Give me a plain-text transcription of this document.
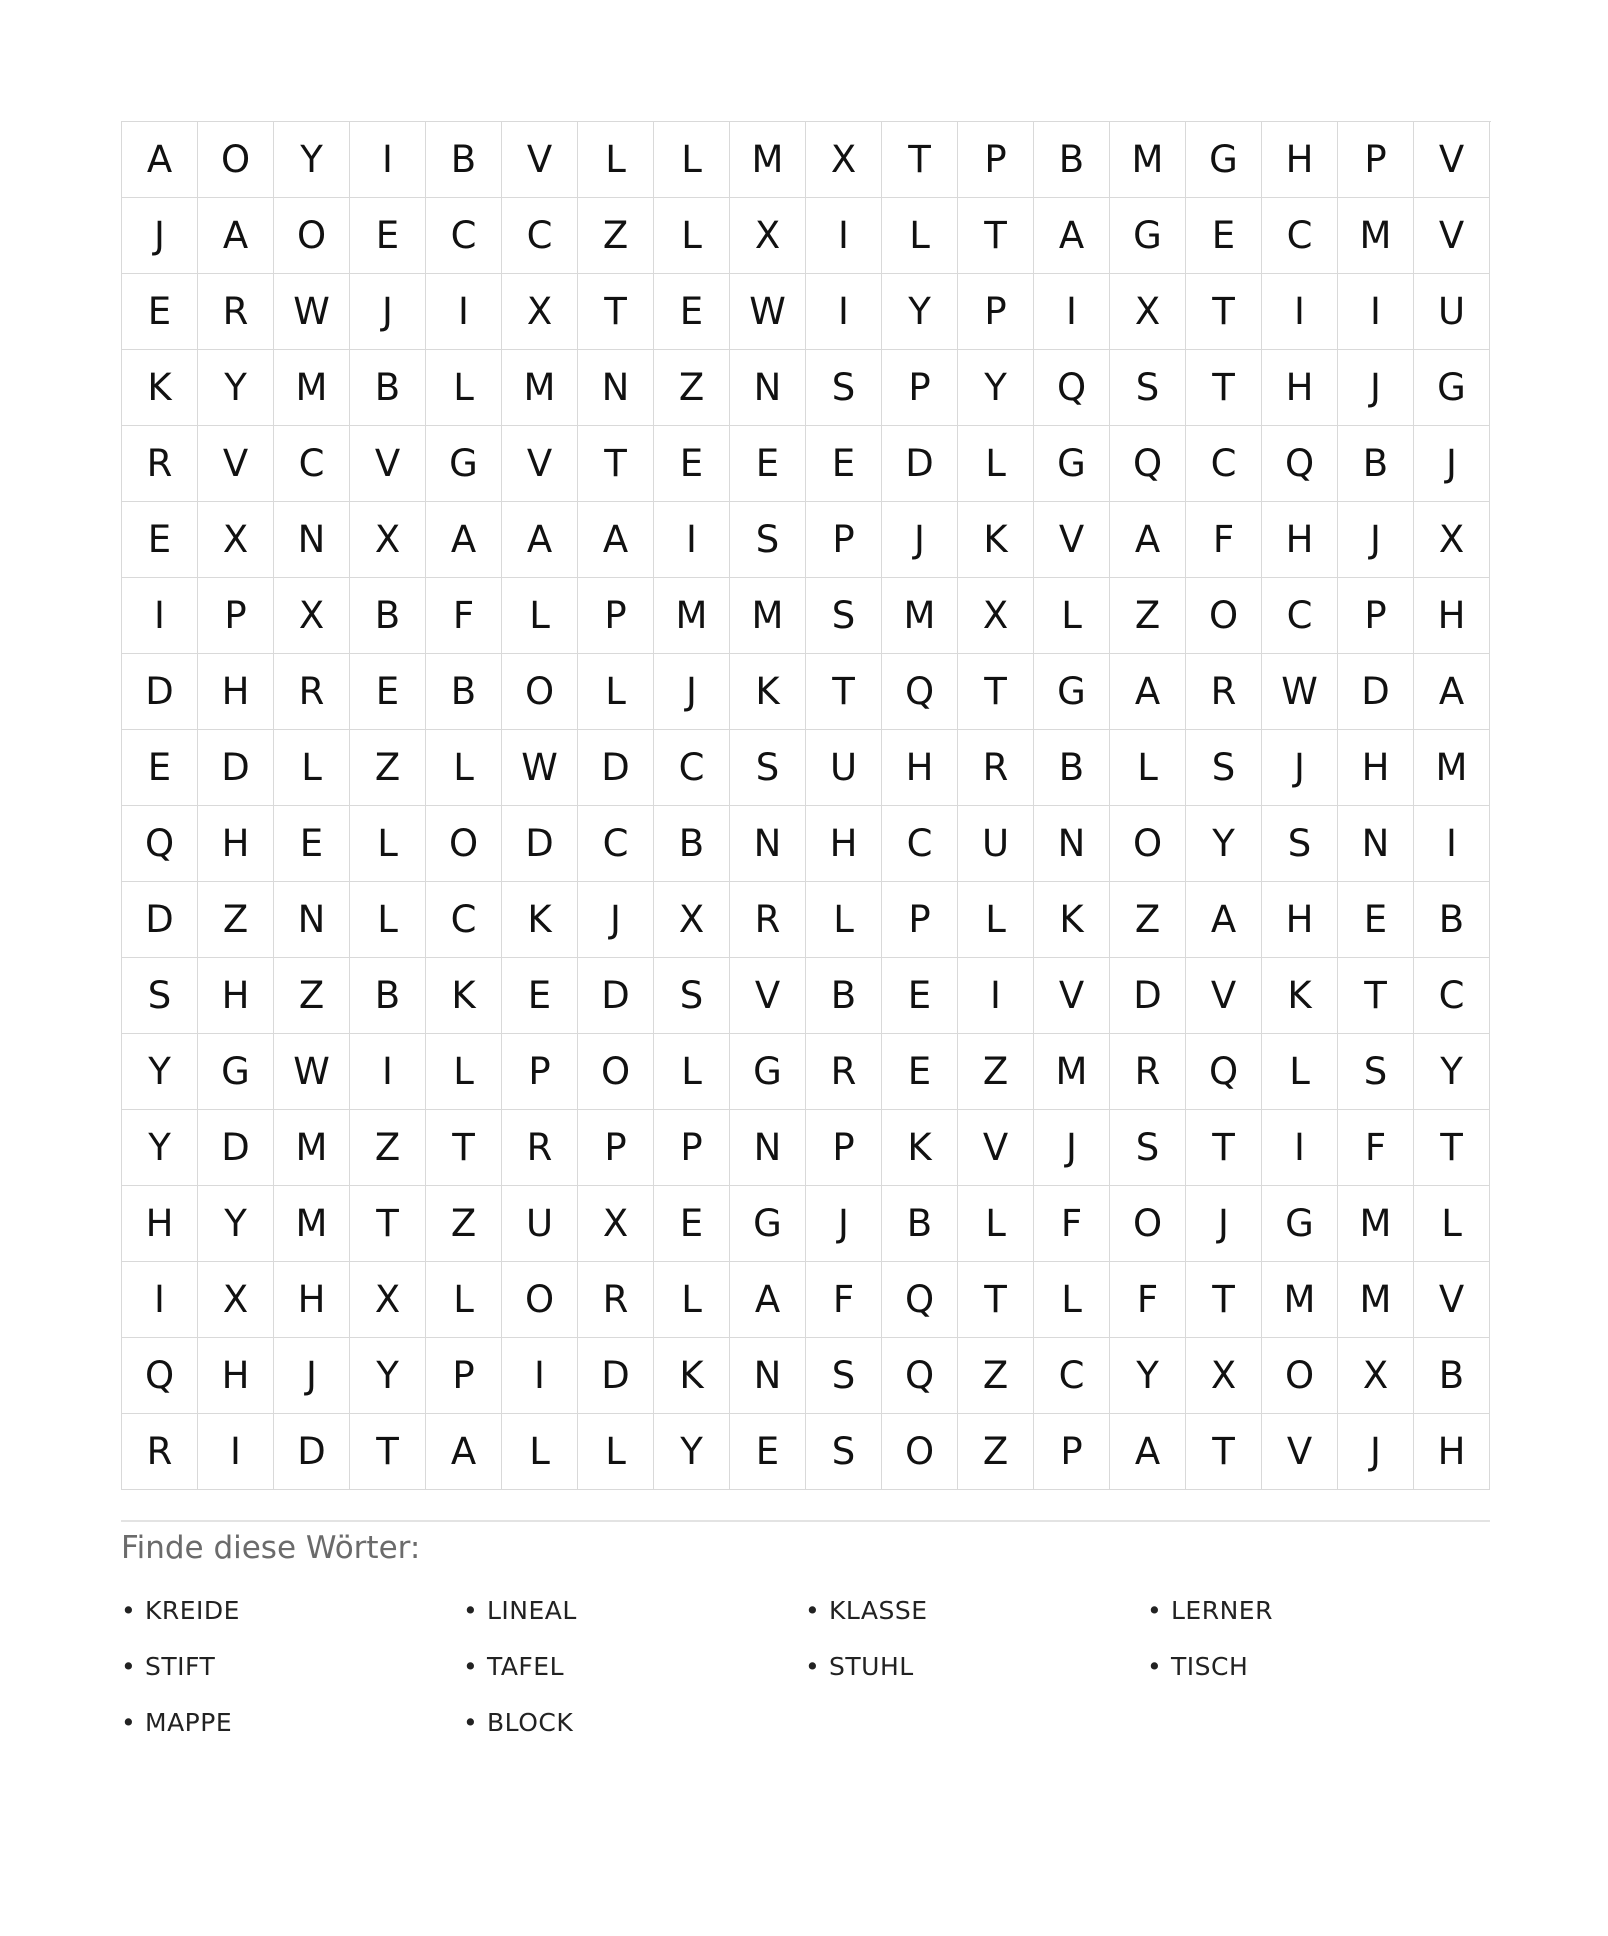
A	O	Y	I	B	V	L	L	M	X	T	P	B	M	G	H	P	V
J	A	O	E	C	C	Z	L	X	I	L	T	A	G	E	C	M	V
E	R	W	J	I	X	T	E	W	I	Y	P	I	X	T	I	I	U
K	Y	M	B	L	M	N	Z	N	S	P	Y	Q	S	T	H	J	G
R	V	C	V	G	V	T	E	E	E	D	L	G	Q	C	Q	B	J
E	X	N	X	A	A	A	I	S	P	J	K	V	A	F	H	J	X
I	P	X	B	F	L	P	M	M	S	M	X	L	Z	O	C	P	H
D	H	R	E	B	O	L	J	K	T	Q	T	G	A	R	W	D	A
E	D	L	Z	L	W	D	C	S	U	H	R	B	L	S	J	H	M
Q	H	E	L	O	D	C	B	N	H	C	U	N	O	Y	S	N	I
D	Z	N	L	C	K	J	X	R	L	P	L	K	Z	A	H	E	B
S	H	Z	B	K	E	D	S	V	B	E	I	V	D	V	K	T	C
Y	G	W	I	L	P	O	L	G	R	E	Z	M	R	Q	L	S	Y
Y	D	M	Z	T	R	P	P	N	P	K	V	J	S	T	I	F	T
H	Y	M	T	Z	U	X	E	G	J	B	L	F	O	J	G	M	L
I	X	H	X	L	O	R	L	A	F	Q	T	L	F	T	M	M	V
Q	H	J	Y	P	I	D	K	N	S	Q	Z	C	Y	X	O	X	B
R	I	D	T	A	L	L	Y	E	S	O	Z	P	A	T	V	J	H
Finde diese Wörter:
• KREIDE	• LINEAL	• KLASSE	• LERNER
• STIFT	• TAFEL	• STUHL	• TISCH
• MAPPE	• BLOCK
